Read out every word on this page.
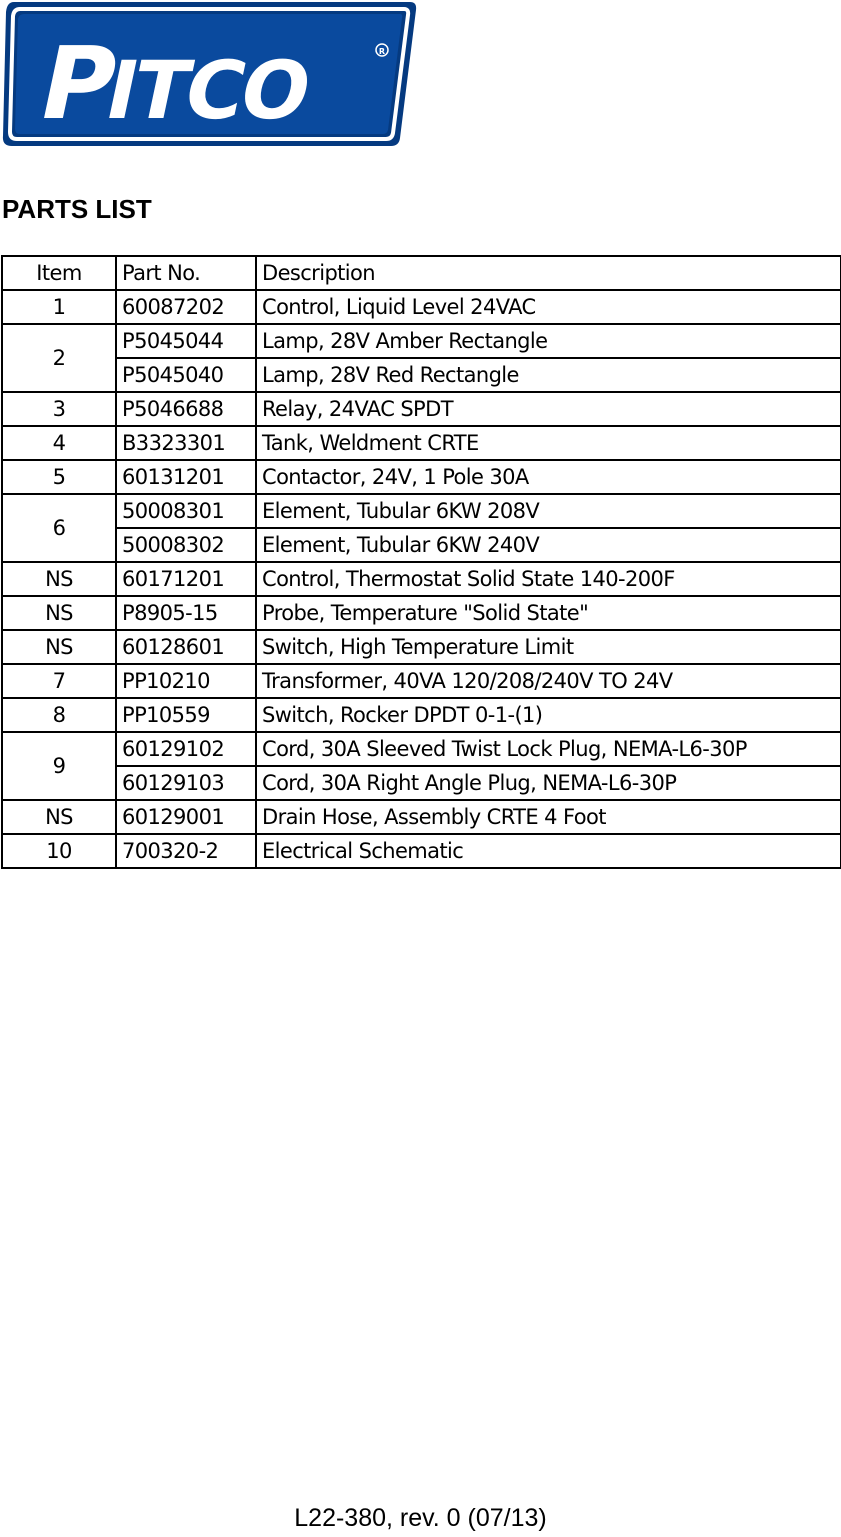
P
ITCO	R
PARTS LIST
Item	Part No.	Description
1	60087202	Control, Liquid Level 24VAC
2	P5045044	Lamp, 28V Amber Rectangle
	P5045040	Lamp, 28V Red Rectangle
3	P5046688	Relay, 24VAC SPDT
4	B3323301	Tank, Weldment CRTE
5	60131201	Contactor, 24V, 1 Pole 30A
6	50008301	Element, Tubular 6KW 208V
	50008302	Element, Tubular 6KW 240V
NS	60171201	Control, Thermostat Solid State 140-200F
NS	P8905-15	Probe, Temperature "Solid State"
NS	60128601	Switch, High Temperature Limit
7	PP10210	Transformer, 40VA 120/208/240V TO 24V
8	PP10559	Switch, Rocker DPDT 0-1-(1)
9	60129102	Cord, 30A Sleeved Twist Lock Plug, NEMA-L6-30P
	60129103	Cord, 30A Right Angle Plug, NEMA-L6-30P
NS	60129001	Drain Hose, Assembly CRTE 4 Foot
10	700320-2	Electrical Schematic
L22-380, rev. 0 (07/13)
